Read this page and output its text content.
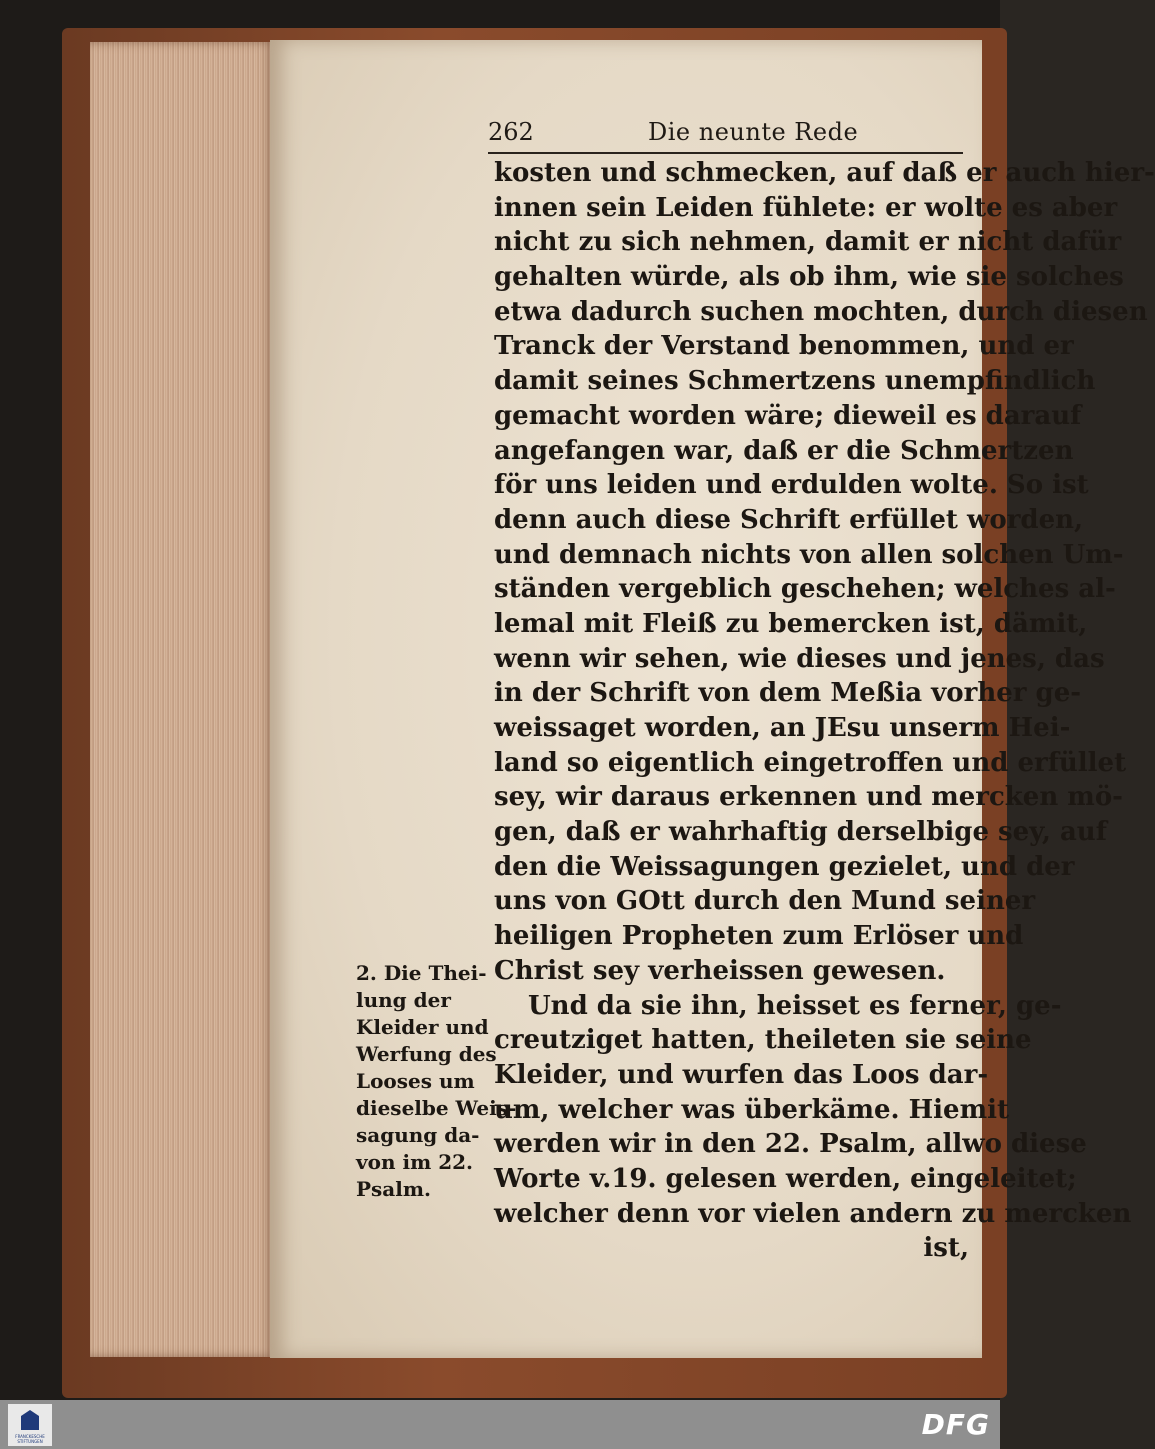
262	Die neunte Rede
kosten und schmecken, auf daß er auch hier-
innen sein Leiden fühlete: er wolte es aber
nicht zu sich nehmen, damit er nicht dafür
gehalten würde, als ob ihm, wie sie solches
etwa dadurch suchen mochten, durch diesen
Tranck der Verstand benommen, und er
damit seines Schmertzens unempfindlich
gemacht worden wäre; dieweil es darauf
angefangen war, daß er die Schmertzen
för uns leiden und erdulden wolte. So ist
denn auch diese Schrift erfüllet worden,
und demnach nichts von allen solchen Um-
ständen vergeblich geschehen; welches al-
lemal mit Fleiß zu bemercken ist, dämit,
wenn wir sehen, wie dieses und jenes, das
in der Schrift von dem Meßia vorher ge-
weissaget worden, an JEsu unserm Hei-
land so eigentlich eingetroffen und erfüllet
sey, wir daraus erkennen und mercken mö-
gen, daß er wahrhaftig derselbige sey, auf
den die Weissagungen gezielet, und der
uns von GOtt durch den Mund seiner
heiligen Propheten zum Erlöser und
Christ sey verheissen gewesen.
Und da sie ihn, heisset es ferner, ge-
creutziget hatten, theileten sie seine
Kleider, und wurfen das Loos dar-
um, welcher was überkäme. Hiemit
werden wir in den 22. Psalm, allwo diese
Worte v.19. gelesen werden, eingeleitet;
welcher denn vor vielen andern zu mercken
ist,
2. Die Thei-
lung der
Kleider und
Werfung des
Looses um
dieselbe Weis-
sagung da-
von im 22.
Psalm.
FRANCKESCHE STIFTUNGEN
DFG
